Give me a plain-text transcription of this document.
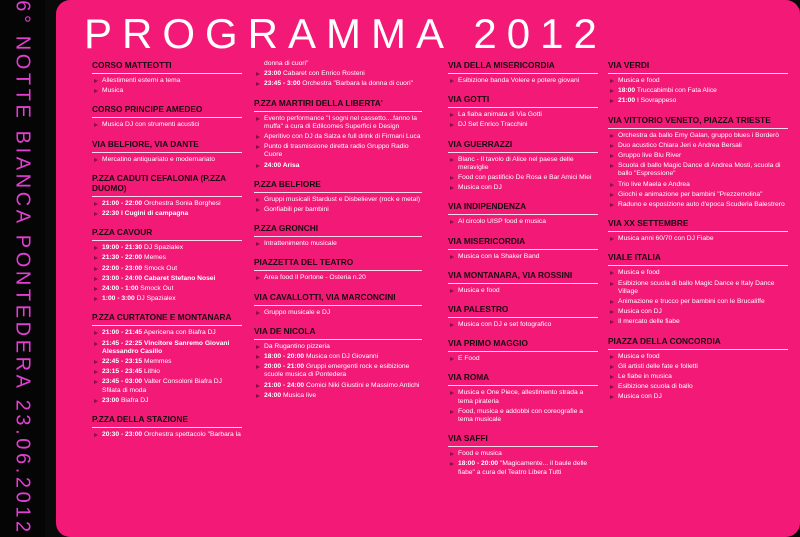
6° NOTTE BIANCA PONTEDERA 23.06.2012 PROGRAMMA 2012
CORSO MATTEOTTI
Allestimenti esterni a tema
Musica
CORSO PRINCIPE AMEDEO
Musica DJ con strumenti acustici
VIA BELFIORE, VIA DANTE
Mercatino antiquariato e modernariato
P.ZZA CADUTI CEFALONIA (P.ZZA DUOMO)
21:00 - 22:00 Orchestra Sonia Borghesi
22:30 I Cugini di campagna
P.ZZA CAVOUR
19:00 - 21:30 DJ Spazialex
21:30 - 22:00 Memes
22:00 - 23:00 Smock Out
23:00 - 24:00 Cabaret Stefano Nosei
24:00 - 1:00 Smock Out
1:00 - 3:00 DJ Spazialex
P.ZZA CURTATONE E MONTANARA
21:00 - 21:45 Apericena con Biafra DJ
21:45 - 22:25 Vincitore Sanremo Giovani Alessandro Casillo
22:45 - 23:15 Memmes
23:15 - 23:45 Lithio
23:45 - 03:00 Valter Consoloni Biafra DJ Sfilata di moda
23:00 Biafra DJ
P.ZZA DELLA STAZIONE
20:30 - 23:00 Orchestra spettacolo "Barbara la
donna di cuori"
23:00 Cabaret con Enrico Rosteni
23:45 - 3:00 Orchestra "Barbara la donna di cuori"
P.ZZA MARTIRI DELLA LIBERTA'
Evento performance "I sogni nel cassetto....fanno la muffa" a cura di Edilcomes Superfici e Design
Aperitivo con DJ da Salza e full drink di Firmani Luca
Punto di trasmissione diretta radio Gruppo Radio Cuore
24:00 Arisa
P.ZZA BELFIORE
Gruppi musicali Stardust e Disbeliever (rock e metal)
Gonfiabili per bambini
P.ZZA GRONCHI
Intrattenimento musicale
PIAZZETTA DEL TEATRO
Area food Il Portone - Osteria n.20
VIA CAVALLOTTI, VIA MARCONCINI
Gruppo musicale e DJ
VIA DE NICOLA
Da Rugantino pizzeria
18:00 - 20:00 Musica con DJ Giovanni
20:00 - 21:00 Gruppi emergenti rock e esibizione scuole musica di Pontedera
21:00 - 24:00 Comici Niki Giustini e Massimo Antichi
24:00 Musica live
VIA DELLA MISERICORDIA
Esibizione banda Volere e potere giovani
VIA GOTTI
La fiaba animata di Via Gotti
DJ Set Enrico Tracchini
VIA GUERRAZZI
Blanc - Il tavolo di Alice nel paese delle meraviglie
Food con pastificio De Rosa e Bar Amici Miei
Musica con DJ
VIA INDIPENDENZA
Al circolo UISP food e musica
VIA MISERICORDIA
Musica con la Shaker Band
VIA MONTANARA, VIA ROSSINI
Musica e food
VIA PALESTRO
Musica con DJ e set fotografico
VIA PRIMO MAGGIO
E Food
VIA ROMA
Musica e One Piece, allestimento strada a tema pirateria
Food, musica e addobbi con coreografie a tema musicale
VIA SAFFI
Food e musica
18:00 - 20:00 "Magicamente... il baule delle fiabe" a cura del Teatro Libera Tutti
VIA VERDI
Musica e food
18:00 Truccabimbi con Fata Alice
21:00 I Sovrappeso
VIA VITTORIO VENETO, PIAZZA TRIESTE
Orchestra da ballo Emy Galan, gruppo blues i Borderò
Duo acustico Chiara Jeri e Andrea Bersali
Gruppo live Blu River
Scuola di ballo Magic Dance di Andrea Mosti, scuola di ballo "Espressione"
Trio live Maela e Andrea
Giochi e animazione per bambini "Prezzemolina"
Raduno e esposizione auto d'epoca Scuderia Balestrero
VIA XX SETTEMBRE
Musica anni 60/70 con DJ Fiabe
VIALE ITALIA
Musica e food
Esibizione scuola di ballo Magic Dance e Italy Dance Village
Animazione e trucco per bambini con le Brucaliffe
Musica con DJ
Il mercato delle fiabe
PIAZZA DELLA CONCORDIA
Musica e food
Gli artisti delle fate e folletti
Le fiabe in musica
Esibizione scuola di ballo
Musica con DJ
